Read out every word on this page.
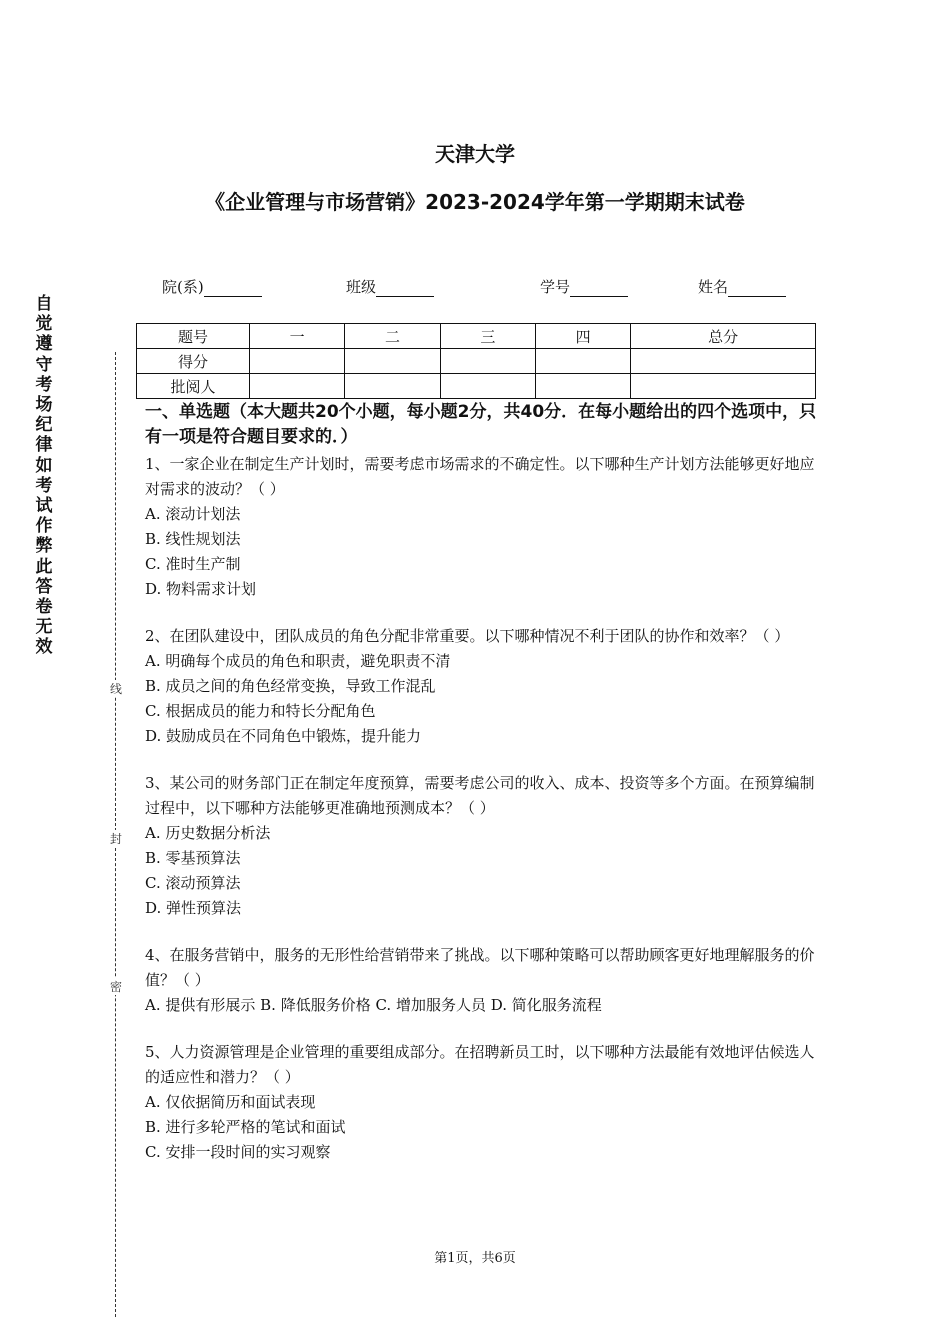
天津大学
《企业管理与市场营销》2023-2024学年第一学期期末试卷
院(系)	班级	学号	姓名
题号	一	二	三	四	总分
得分					
批阅人					
自觉遵守考场纪律如考试作弊此答卷无效
线
封
密
一、单选题（本大题共20个小题，每小题2分，共40分．在每小题给出的四个选项中，只有一项是符合题目要求的．）

1、一家企业在制定生产计划时，需要考虑市场需求的不确定性。以下哪种生产计划方法能够更好地应对需求的波动？（ ）

A. 滚动计划法

B. 线性规划法

C. 准时生产制

D. 物料需求计划

2、在团队建设中，团队成员的角色分配非常重要。以下哪种情况不利于团队的协作和效率？（ ）

A. 明确每个成员的角色和职责，避免职责不清

B. 成员之间的角色经常变换，导致工作混乱

C. 根据成员的能力和特长分配角色

D. 鼓励成员在不同角色中锻炼，提升能力

3、某公司的财务部门正在制定年度预算，需要考虑公司的收入、成本、投资等多个方面。在预算编制过程中，以下哪种方法能够更准确地预测成本？（ ）

A. 历史数据分析法

B. 零基预算法

C. 滚动预算法

D. 弹性预算法

4、在服务营销中，服务的无形性给营销带来了挑战。以下哪种策略可以帮助顾客更好地理解服务的价值？（ ）

A. 提供有形展示 B. 降低服务价格 C. 增加服务人员 D. 简化服务流程

5、人力资源管理是企业管理的重要组成部分。在招聘新员工时，以下哪种方法最能有效地评估候选人的适应性和潜力？（ ）

A. 仅依据简历和面试表现

B. 进行多轮严格的笔试和面试

C. 安排一段时间的实习观察

第1页，共6页
